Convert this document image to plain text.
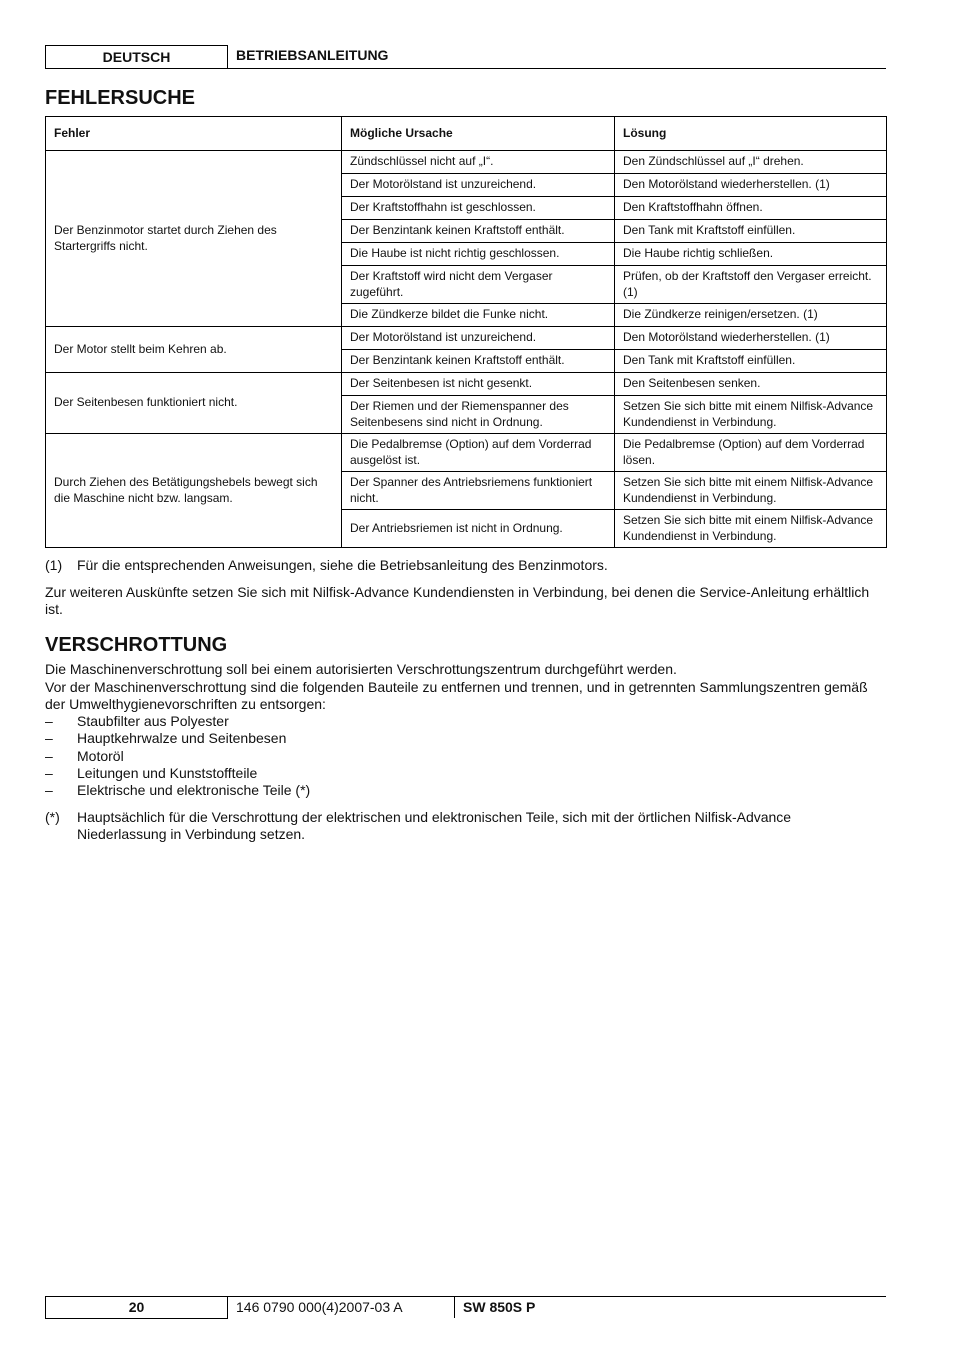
DEUTSCH	BETRIEBSANLEITUNG
FEHLERSUCHE
Fehler	Mögliche Ursache	Lösung
Der Benzinmotor startet durch Ziehen des Startergriffs nicht.	Zündschlüssel nicht auf „I“.	Den Zündschlüssel auf „I“ drehen.
	Der Motorölstand ist unzureichend.	Den Motorölstand wiederherstellen. (1)
	Der Kraftstoffhahn ist geschlossen.	Den Kraftstoffhahn öffnen.
	Der Benzintank keinen Kraftstoff enthält.	Den Tank mit Kraftstoff einfüllen.
	Die Haube ist nicht richtig geschlossen.	Die Haube richtig schließen.
	Der Kraftstoff wird nicht dem Vergaser zugeführt.	Prüfen, ob der Kraftstoff den Vergaser erreicht. (1)
	Die Zündkerze bildet die Funke nicht.	Die Zündkerze reinigen/ersetzen. (1)
Der Motor stellt beim Kehren ab.	Der Motorölstand ist unzureichend.	Den Motorölstand wiederherstellen. (1)
	Der Benzintank keinen Kraftstoff enthält.	Den Tank mit Kraftstoff einfüllen.
Der Seitenbesen funktioniert nicht.	Der Seitenbesen ist nicht gesenkt.	Den Seitenbesen senken.
	Der Riemen und der Riemenspanner des Seitenbesens sind nicht in Ordnung.	Setzen Sie sich bitte mit einem Nilfisk-Advance Kundendienst in Verbindung.
Durch Ziehen des Betätigungshebels bewegt sich die Maschine nicht bzw. langsam.	Die Pedalbremse (Option) auf dem Vorderrad ausgelöst ist.	Die Pedalbremse (Option) auf dem Vorderrad lösen.
	Der Spanner des Antriebsriemens funktioniert nicht.	Setzen Sie sich bitte mit einem Nilfisk-Advance Kundendienst in Verbindung.
	Der Antriebsriemen ist nicht in Ordnung.	Setzen Sie sich bitte mit einem Nilfisk-Advance Kundendienst in Verbindung.
(1) Für die entsprechenden Anweisungen, siehe die Betriebsanleitung des Benzinmotors.

Zur weiteren Auskünfte setzen Sie sich mit Nilfisk-Advance Kundendiensten in Verbindung, bei denen die Service-Anleitung erhältlich ist.

VERSCHROTTUNG

Die Maschinenverschrottung soll bei einem autorisierten Verschrottungszentrum durchgeführt werden.

Vor der Maschinenverschrottung sind die folgenden Bauteile zu entfernen und trennen, und in getrennten Sammlungszentren gemäß der Umwelthygienevorschriften zu entsorgen:

– Staubfilter aus Polyester
– Hauptkehrwalze und Seitenbesen
– Motoröl
– Leitungen und Kunststoffteile
– Elektrische und elektronische Teile (*)
(*) Hauptsächlich für die Verschrottung der elektrischen und elektronischen Teile, sich mit der örtlichen Nilfisk-Advance Niederlassung in Verbindung setzen.
20	146 0790 000(4)2007-03 A	SW 850S P
